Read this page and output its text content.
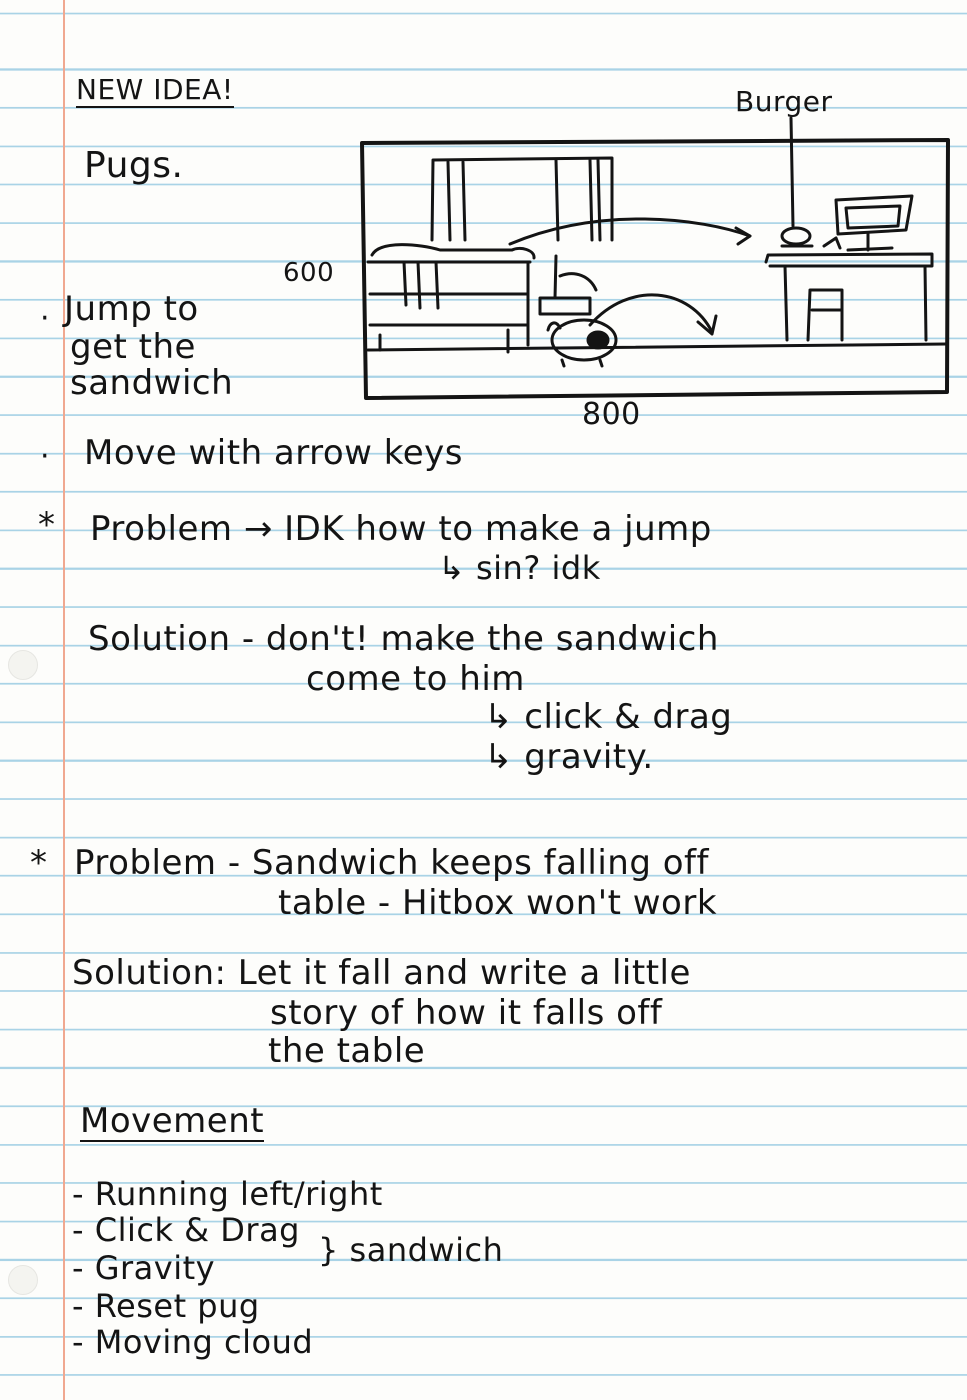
NEW IDEA!
Pugs.
Burger
600
800
· Jump to
get the
sandwich
· Move with arrow keys
* Problem → IDK how to make a jump
↳ sin? idk
Solution - don't! make the sandwich
come to him
↳ click & drag
↳ gravity.
* Problem - Sandwich keeps falling off
table - Hitbox won't work
Solution: Let it fall and write a little
story of how it falls off
the table
Movement
- Running left/right
- Click & Drag
} sandwich
- Gravity
- Reset pug
- Moving cloud
